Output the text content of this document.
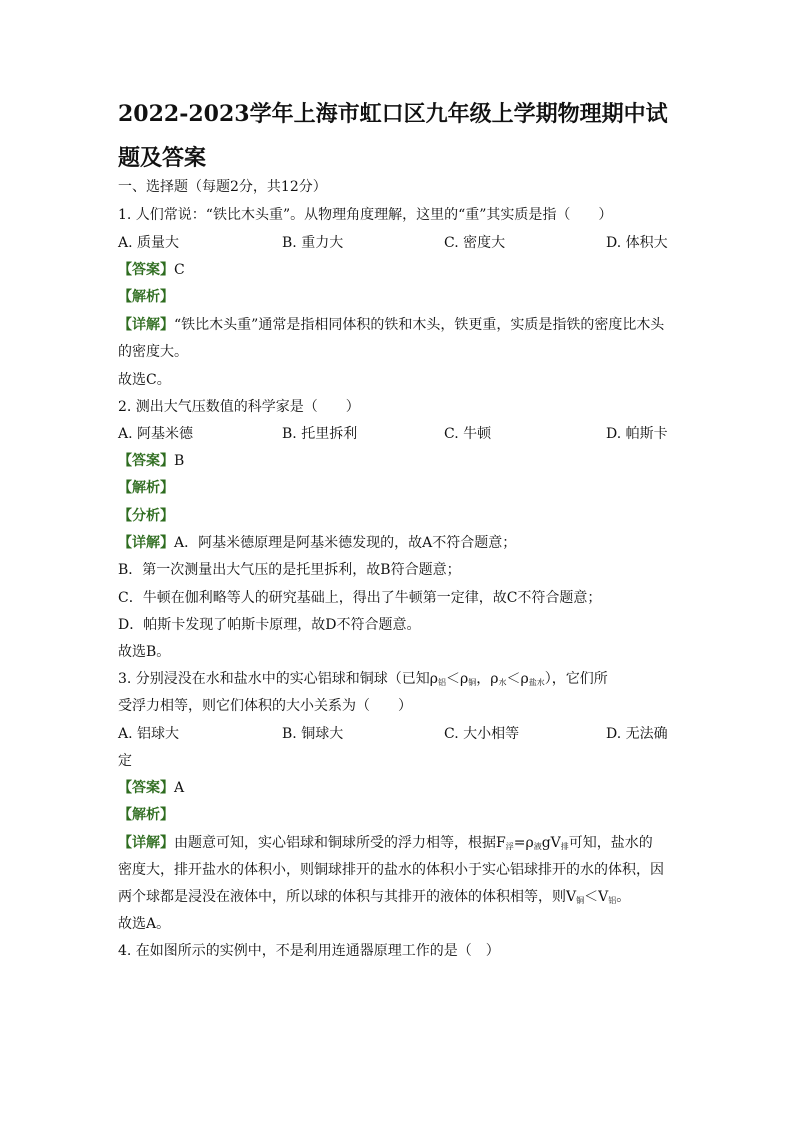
2022-2023学年上海市虹口区九年级上学期物理期中试题及答案
一、选择题（每题2分，共12分）
1. 人们常说：“铁比木头重”。从物理角度理解，这里的“重”其实质是指（　　）
A. 质量大	B. 重力大	C. 密度大	D. 体积大
【答案】C
【解析】
【详解】“铁比木头重”通常是指相同体积的铁和木头，铁更重，实质是指铁的密度比木头
的密度大。
故选C。
2. 测出大气压数值的科学家是（　　）
A. 阿基米德	B. 托里拆利	C. 牛顿	D. 帕斯卡
【答案】B
【解析】
【分析】
【详解】A．阿基米德原理是阿基米德发现的，故A不符合题意；
B．第一次测量出大气压的是托里拆利，故B符合题意；
C．牛顿在伽利略等人的研究基础上，得出了牛顿第一定律，故C不符合题意；
D．帕斯卡发现了帕斯卡原理，故D不符合题意。
故选B。
3. 分别浸没在水和盐水中的实心铝球和铜球（已知$\rho_铝<\rho_铜$，$\rho_水<\rho_{盐水}$），它们所
受浮力相等，则它们体积的大小关系为（　　）
A. 铝球大	B. 铜球大	C. 大小相等	D. 无法确
定
【答案】A
【解析】
【详解】由题意可知，实心铝球和铜球所受的浮力相等，根据$F_浮=\rho_液gV_排$可知，盐水的
密度大，排开盐水的体积小，则铜球排开的盐水的体积小于实心铝球排开的水的体积，因
两个球都是浸没在液体中，所以球的体积与其排开的液体的体积相等，则$V_铜<V_铝$。
故选A。
4. 在如图所示的实例中，不是利用连通器原理工作的是（　）
